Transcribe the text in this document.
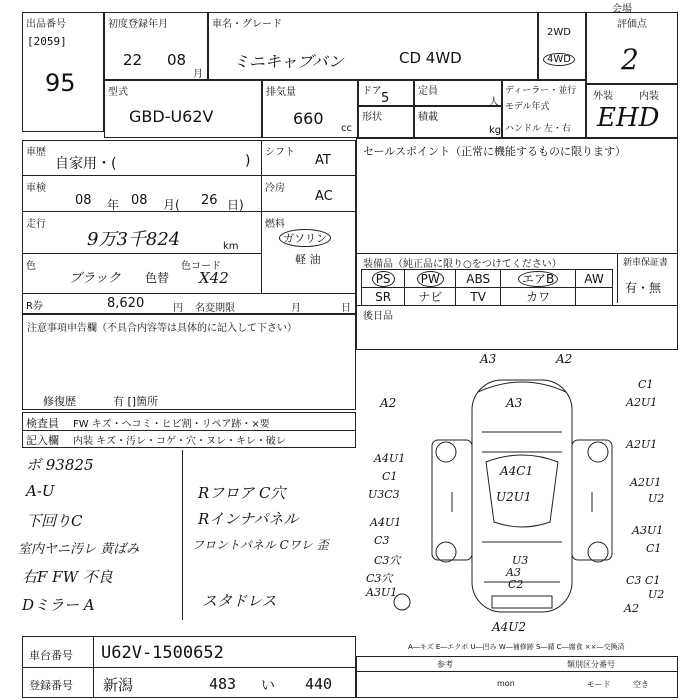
出品番号
[2059]
95
初度登録年月
22 08
月
車名・グレード
ミニキャブバン	CD 4WD
2WD
4WD
評価点
2
会場
外装	内装
EHD
型式
GBD-U62V
排気量
660
cc
ドア 5	定員
人
形状	積載
kg
ディーラー・並行
モデル年式
ハンドル 左・右
車歴
自家用・(	)
シフト
AT
車検
08 年 08 月( 26 日)
冷房
AC
走行
9万3千824	km
燃料
ガソリン
軽 油
色
ブラック 色替
色コード
X42
R券	8,620	円 名変期限	月	日
セールスポイント（正常に機能するものに限ります）
装備品（純正品に限り○をつけてください）	新車保証書
有・無
PS	PW	ABS	エアB	AW
SR	ナビ	TV	カワ	
後日品
注意事項申告欄（不具合内容等は具体的に記入して下さい）
修復歴	有 []箇所
検査員 FW キズ・ヘコミ・ヒビ割・リペア跡・×要
記入欄 内装 キズ・汚レ・コゲ・穴・ヌレ・キレ・破レ
ボ 93825
A-U
下回りC
室内ヤニ汚レ 黄ばみ
右F FW 不良
Dミラー A
Rフロア C穴
Rインナパネル
フロントパネル Cワレ 歪
スタドレス
A3	A2
A2	A3
C1
A2U1
A4U1
C1	A4C1
U2U1
U3C3
A2U1
A4U1
C3
A3U1
C1
U3
A3
C2
C3穴
A3U1
A4U2
C3 C1
A2
U2
A2U1
C3穴
U2
A―キズ E―エクボ U―凹み W―補修跡 S―錆 C―腐食 ××―交換済
車台番号 U62V-1500652
登録番号 新潟	483 い 440
参考	類別区分番号
mon	モード	空き
